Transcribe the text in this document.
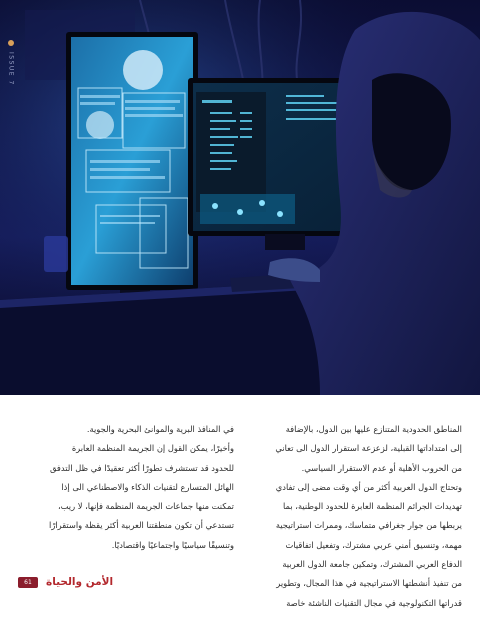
ISSUE 7

المناطق الحدودية المتنازع عليها بين الدول، بالإضافة

إلى امتداداتها القبلية، لزعزعة استقرار الدول الى تعاني

من الحروب الأهلية أو عدم الاستقرار السياسي.

وتحتاج الدول العربية أكثر من أي وقت مضى إلى تفادي

تهديدات الجرائم المنظمة العابرة للحدود الوطنية، بما

يربطها من جوار جغرافي متماسك، وممرات استراتيجية

مهمة، وتنسيق أمني عربي مشترك، وتفعيل اتفاقيات

الدفاع العربي المشترك، وتمكين جامعة الدول العربية

من تنفيذ أنشطتها الاستراتيجية في هذا المجال، وتطوير

قدراتها التكنولوجية في مجال التقنيات الناشئة خاصة

في المنافذ البرية والموانئ البحرية والجوية.

وأخيرًا، يمكن القول إن الجريمة المنظمة العابرة

للحدود قد تستشرف تطورًا أكثر تعقيدًا في ظل التدفق

الهائل المتسارع لتقنيات الذكاء والاصطناعي الى إذا

تمكنت منها جماعات الجريمة المنظمة فإنها، لا ريب،

تستدعي أن تكون منطقتنا العربية أكثر يقظة واستقرارًا

وتنسيقًا سياسيًا واجتماعيًا واقتصاديًا.

61	الأمن والحياة
